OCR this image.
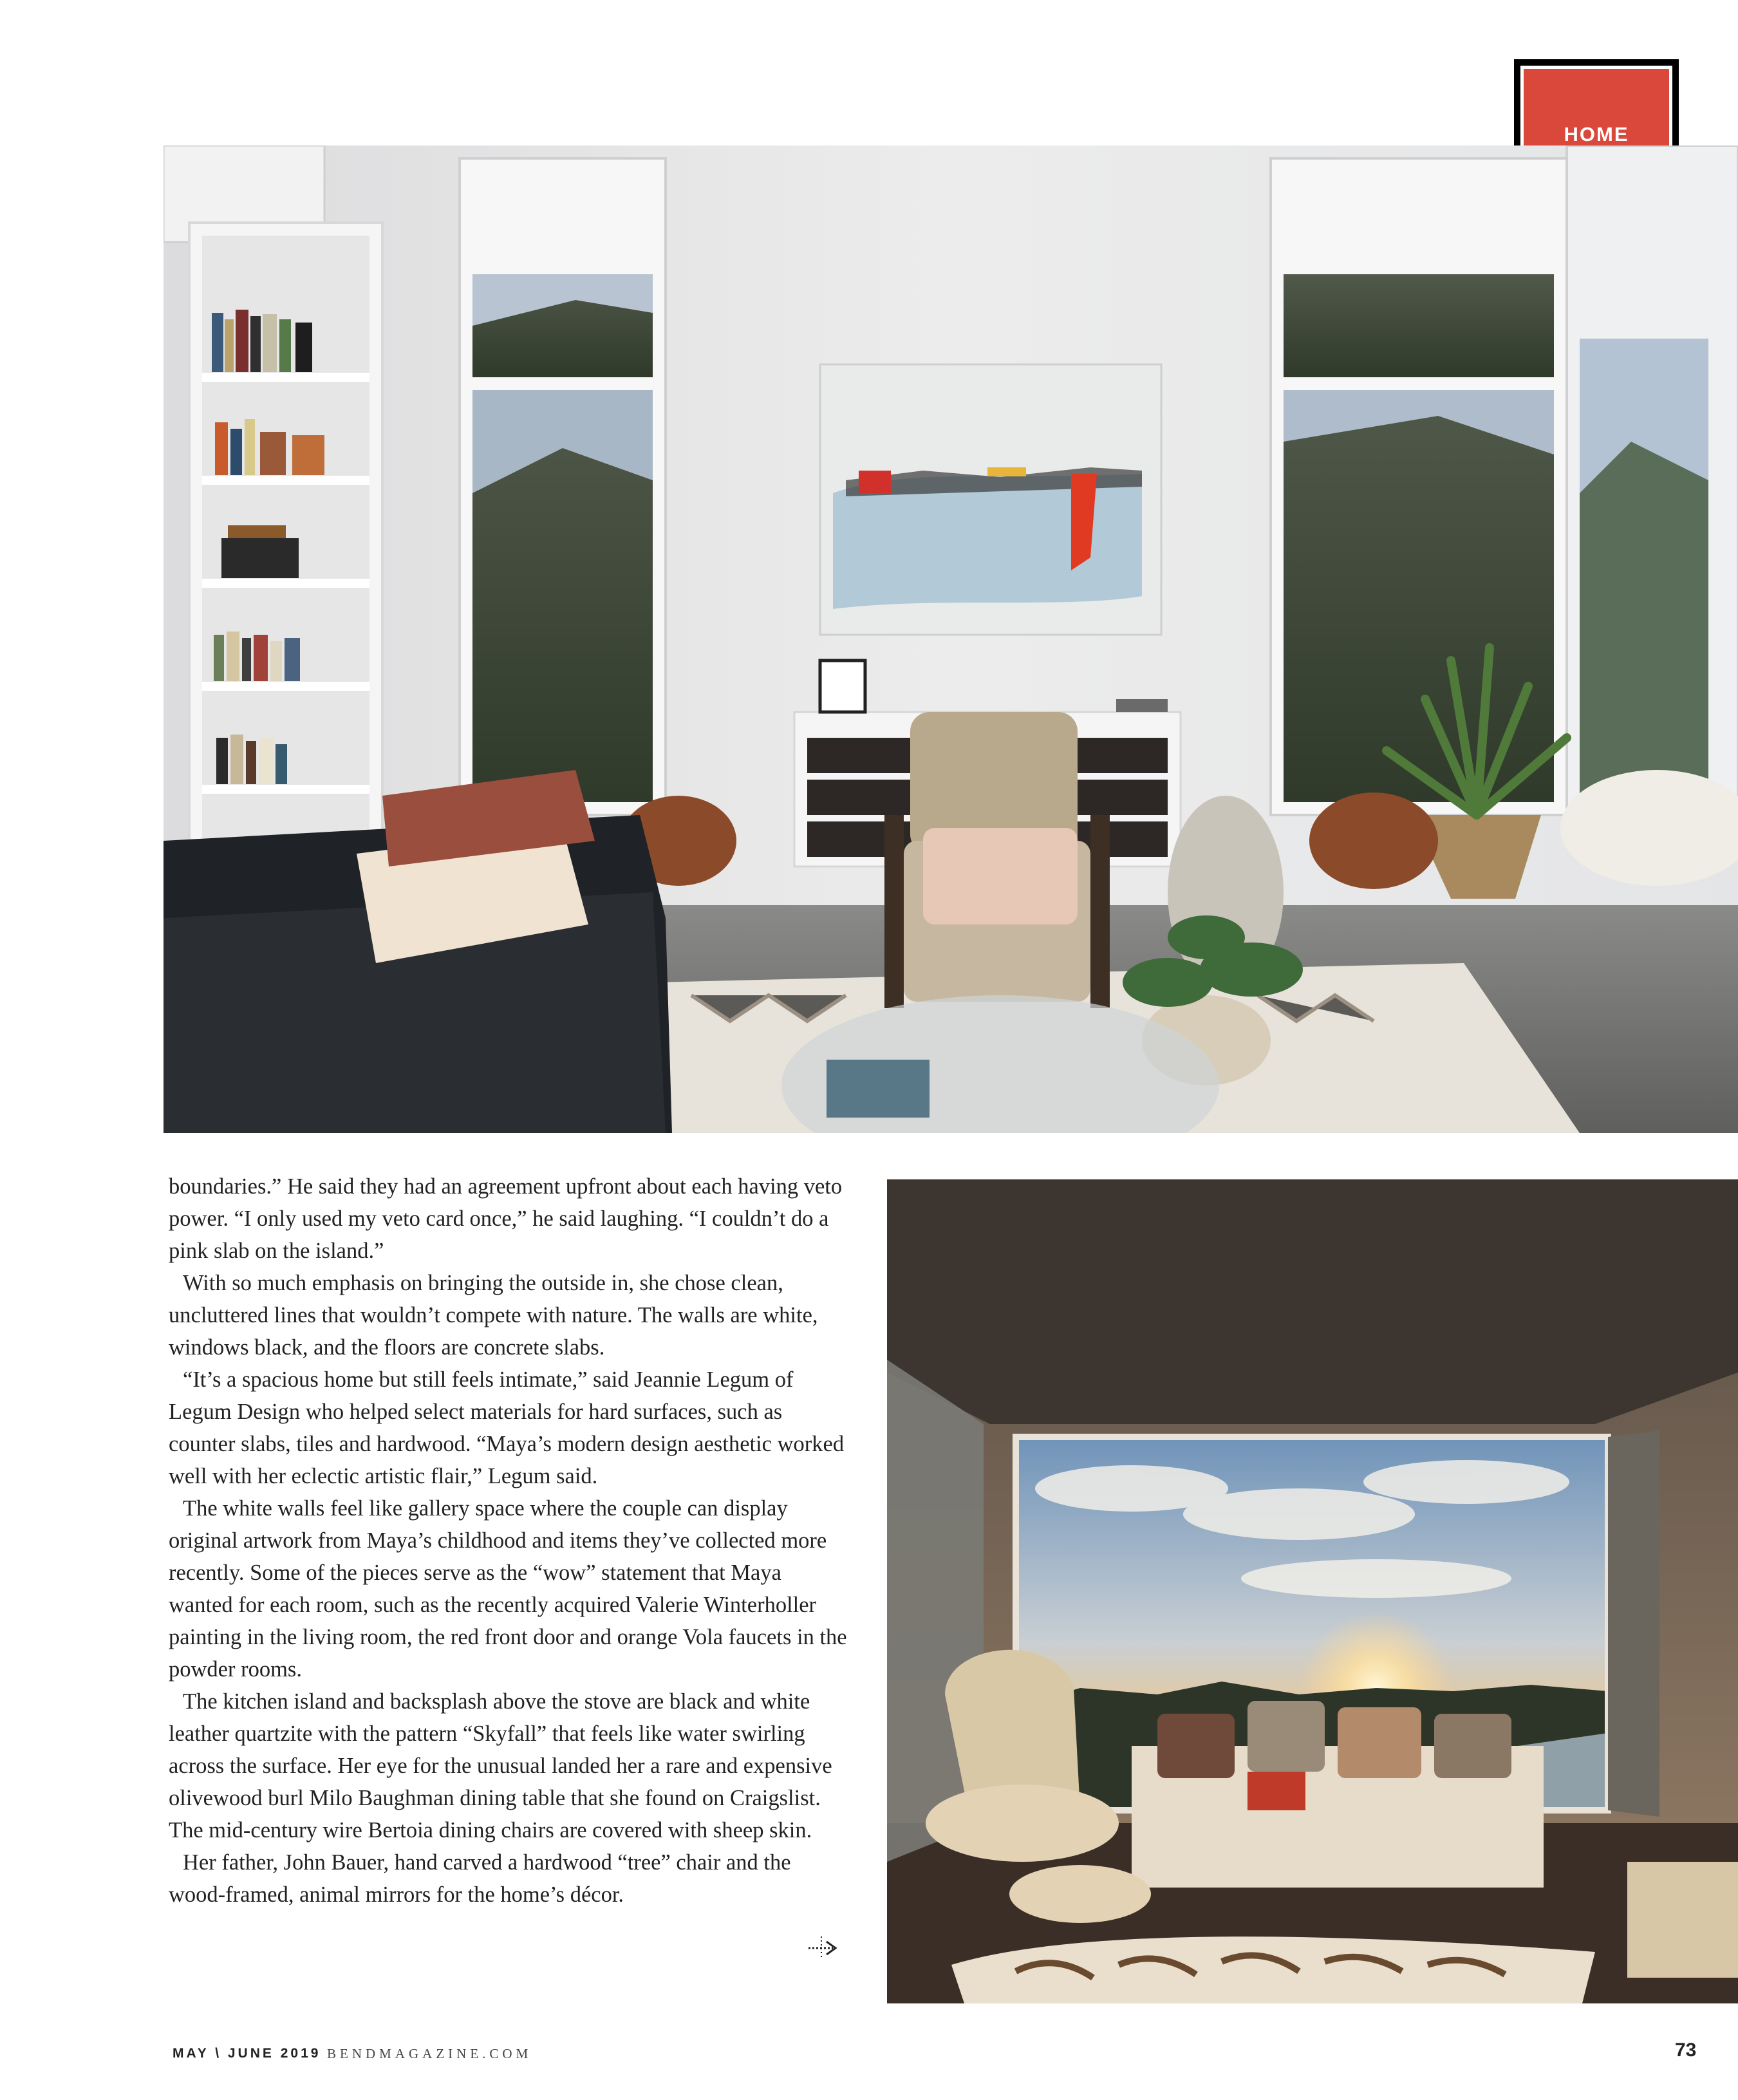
HOME

boundaries.” He said they had an agreement upfront about each having veto power. “I only used my veto card once,” he said laughing. “I couldn’t do a pink slab on the island.”

With so much emphasis on bringing the outside in, she chose clean, uncluttered lines that wouldn’t compete with nature. The walls are white, windows black, and the floors are concrete slabs.

“It’s a spacious home but still feels intimate,” said Jeannie Legum of Legum Design who helped select materials for hard surfaces, such as counter slabs, tiles and hardwood. “Maya’s modern design aesthetic worked well with her eclectic artistic flair,” Legum said.

The white walls feel like gallery space where the couple can display original artwork from Maya’s childhood and items they’ve collected more recently. Some of the pieces serve as the “wow” statement that Maya wanted for each room, such as the recently acquired Valerie Winterholler painting in the living room, the red front door and orange Vola faucets in the powder rooms.

The kitchen island and backsplash above the stove are black and white leather quartzite with the pattern “Skyfall” that feels like water swirling across the surface. Her eye for the unusual landed her a rare and expensive olivewood burl Milo Baughman dining table that she found on Craigslist. The mid-century wire Bertoia dining chairs are covered with sheep skin.

Her father, John Bauer, hand carved a hardwood “tree” chair and the wood-framed, animal mirrors for the home’s décor.

MAY \ JUNE 2019 BENDMAGAZINE.COM	73
